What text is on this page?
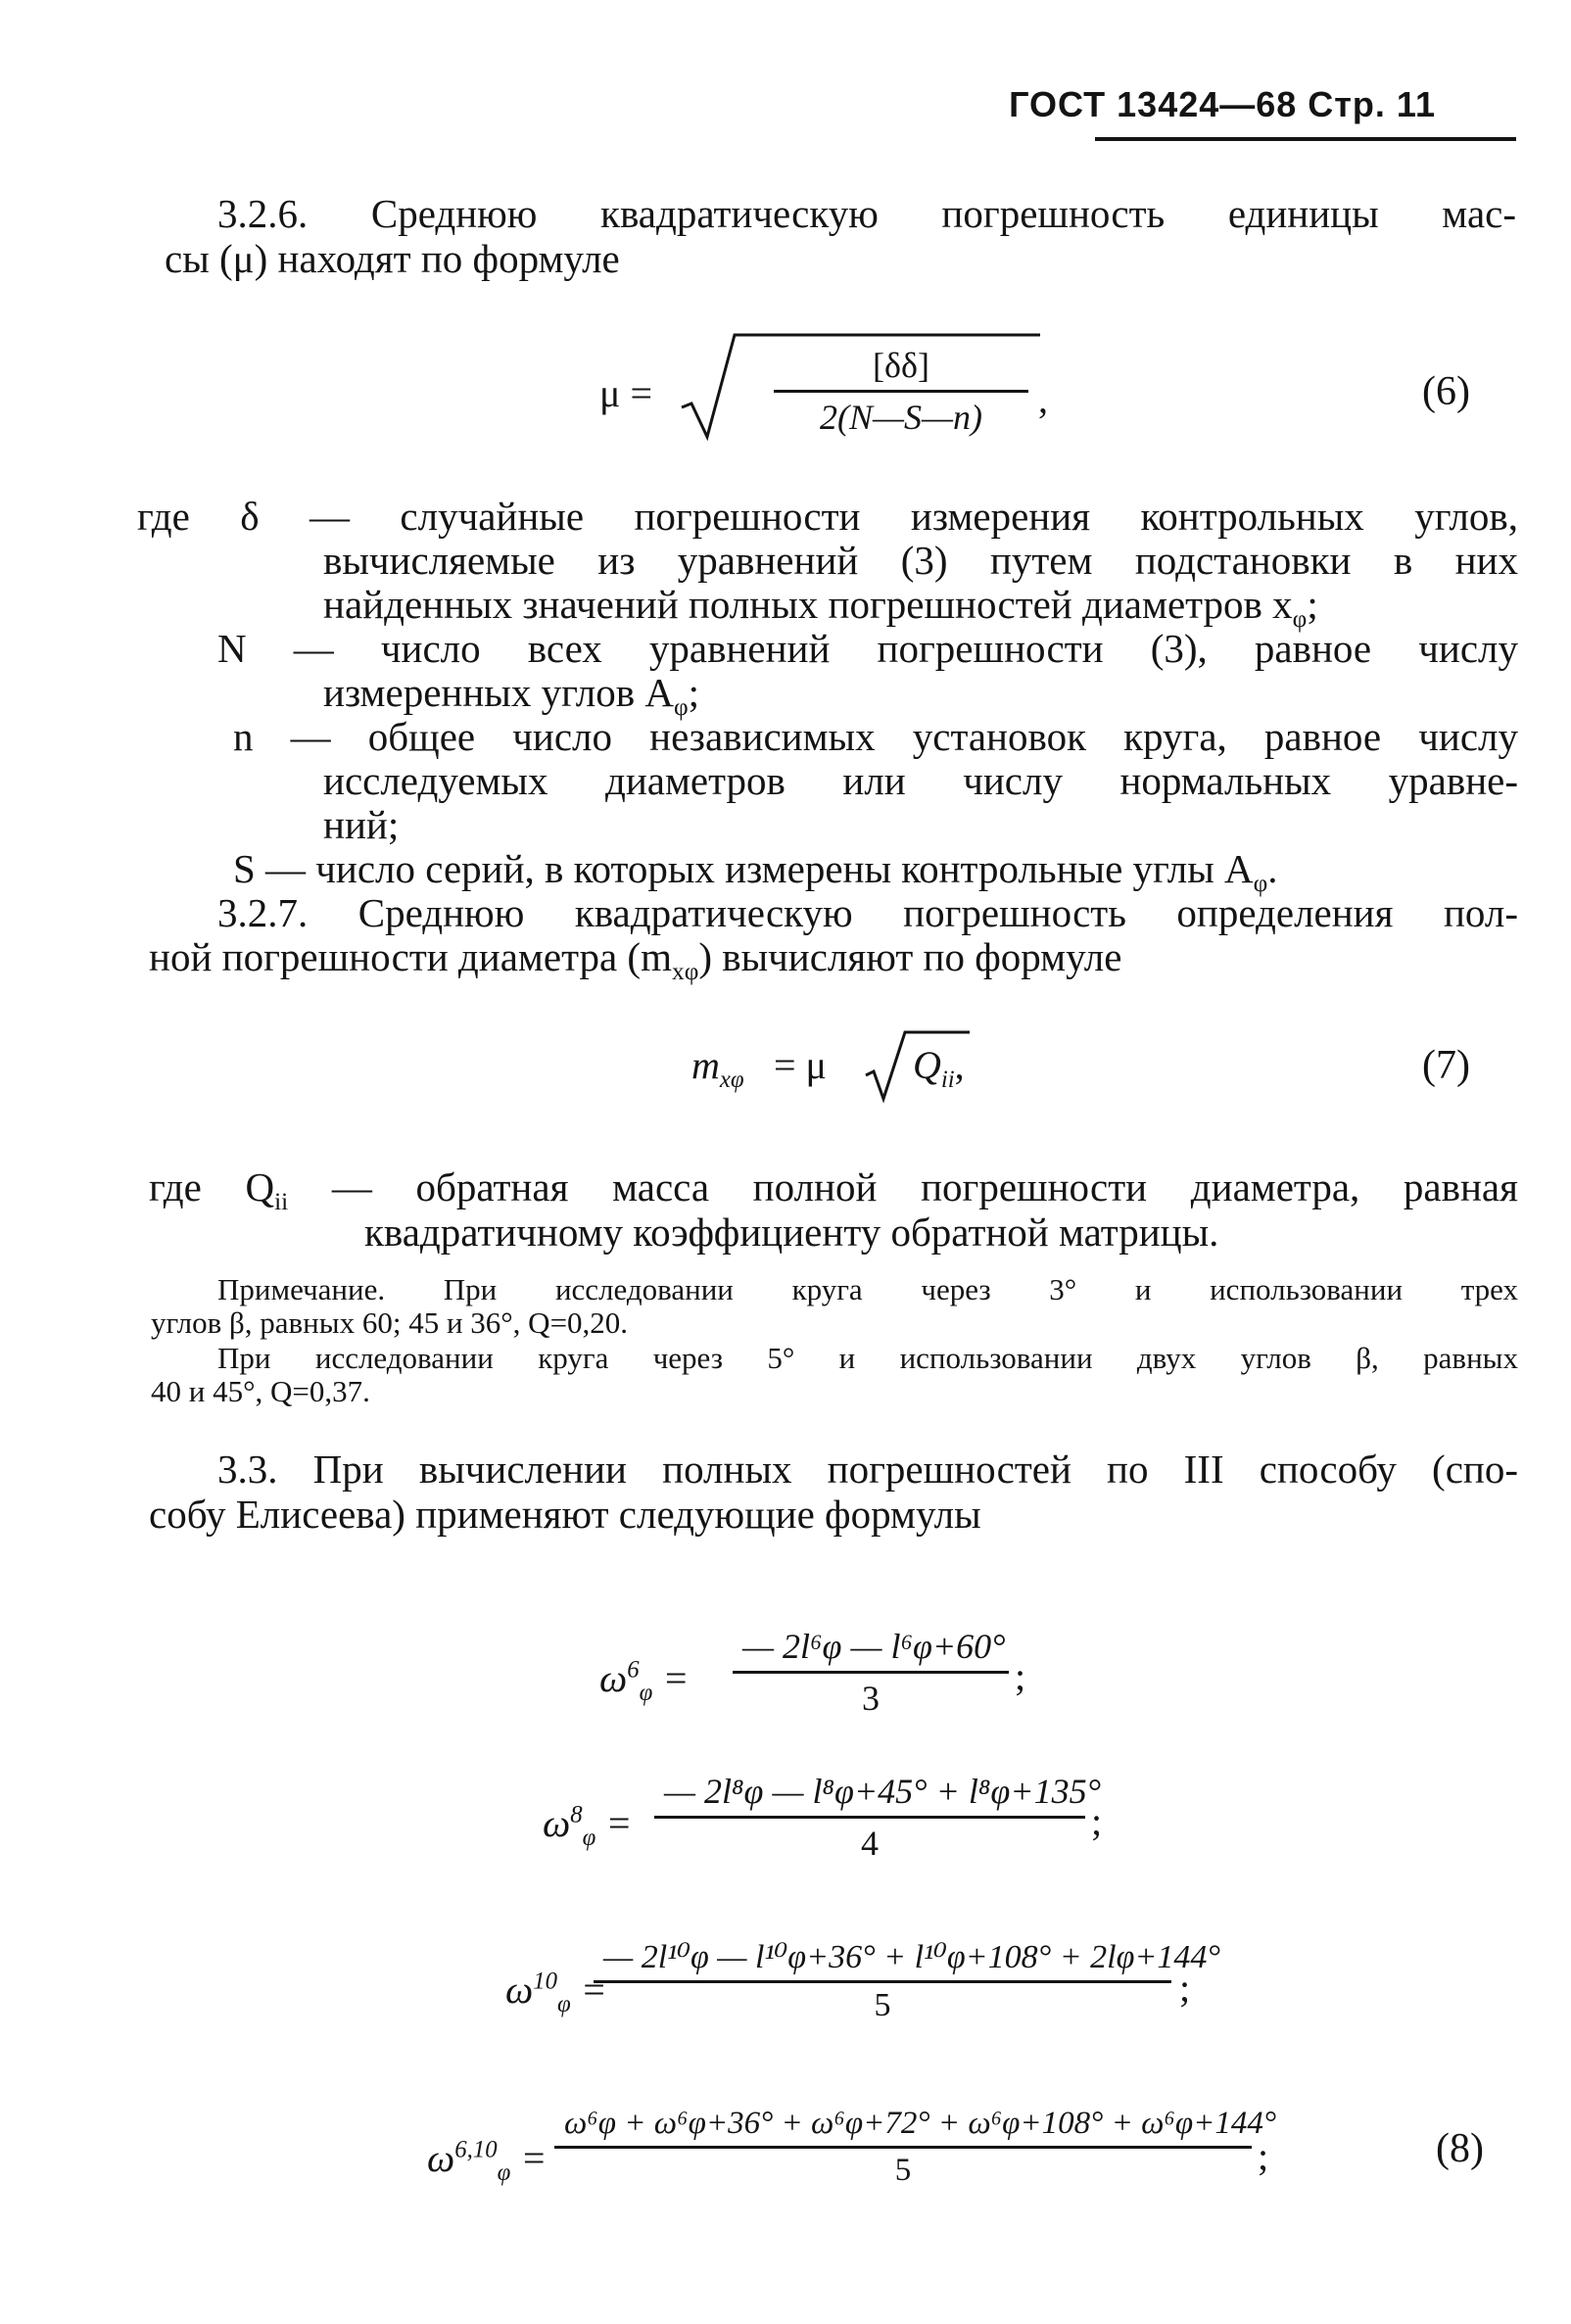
ГОСТ 13424—68 Стр. 11
3.2.6. Среднюю квадратическую погрешность единицы мас-
сы (μ) находят по формуле
μ =	$\frac{[\delta\delta]}{2(N—S—n)}$ ,	(6)
где δ — случайные погрешности измерения контрольных углов,
вычисляемые из уравнений (3) путем подстановки в них
найденных значений полных погрешностей диаметров $x_\varphi$;
N — число всех уравнений погрешности (3), равное числу
измеренных углов $A_\varphi$;
n — общее число независимых установок круга, равное числу
исследуемых диаметров или числу нормальных уравне-
ний;
S — число серий, в которых измерены контрольные углы $A_\varphi$.
3.2.7. Среднюю квадратическую погрешность определения пол-
ной погрешности диаметра $(m_{x\varphi})$ вычисляют по формуле
$m_{x\varphi} = \mu$ $Q_{ii}$,	(7)
где $Q_{ii}$ — обратная масса полной погрешности диаметра, равная
квадратичному коэффициенту обратной матрицы.
Примечание. При исследовании круга через 3° и использовании трех
углов β, равных 60; 45 и 36°, Q=0,20.
При исследовании круга через 5° и использовании двух углов β, равных
40 и 45°, Q=0,37.
3.3. При вычислении полных погрешностей по III способу (спо-
собу Елисеева) применяют следующие формулы
$\omega^6_\varphi = \frac{\text{— 2l⁶φ — l⁶φ+60°}}{3}$ ;
$\omega^8_\varphi = \frac{\text{— 2l⁸φ — l⁸φ+45° + l⁸φ+135°}}{4}$ ;
$\omega^{10}_\varphi$ =
$\frac{\text{— 2l¹⁰φ — l¹⁰φ+36° + l¹⁰φ+108° + 2lφ+144°}}{5}$ ;
$\omega^{6,10}_\varphi = \frac{\text{ω⁶φ + ω⁶φ+36° + ω⁶φ+72° + ω⁶φ+108° + ω⁶φ+144°}}{5}$ ;	(8)
